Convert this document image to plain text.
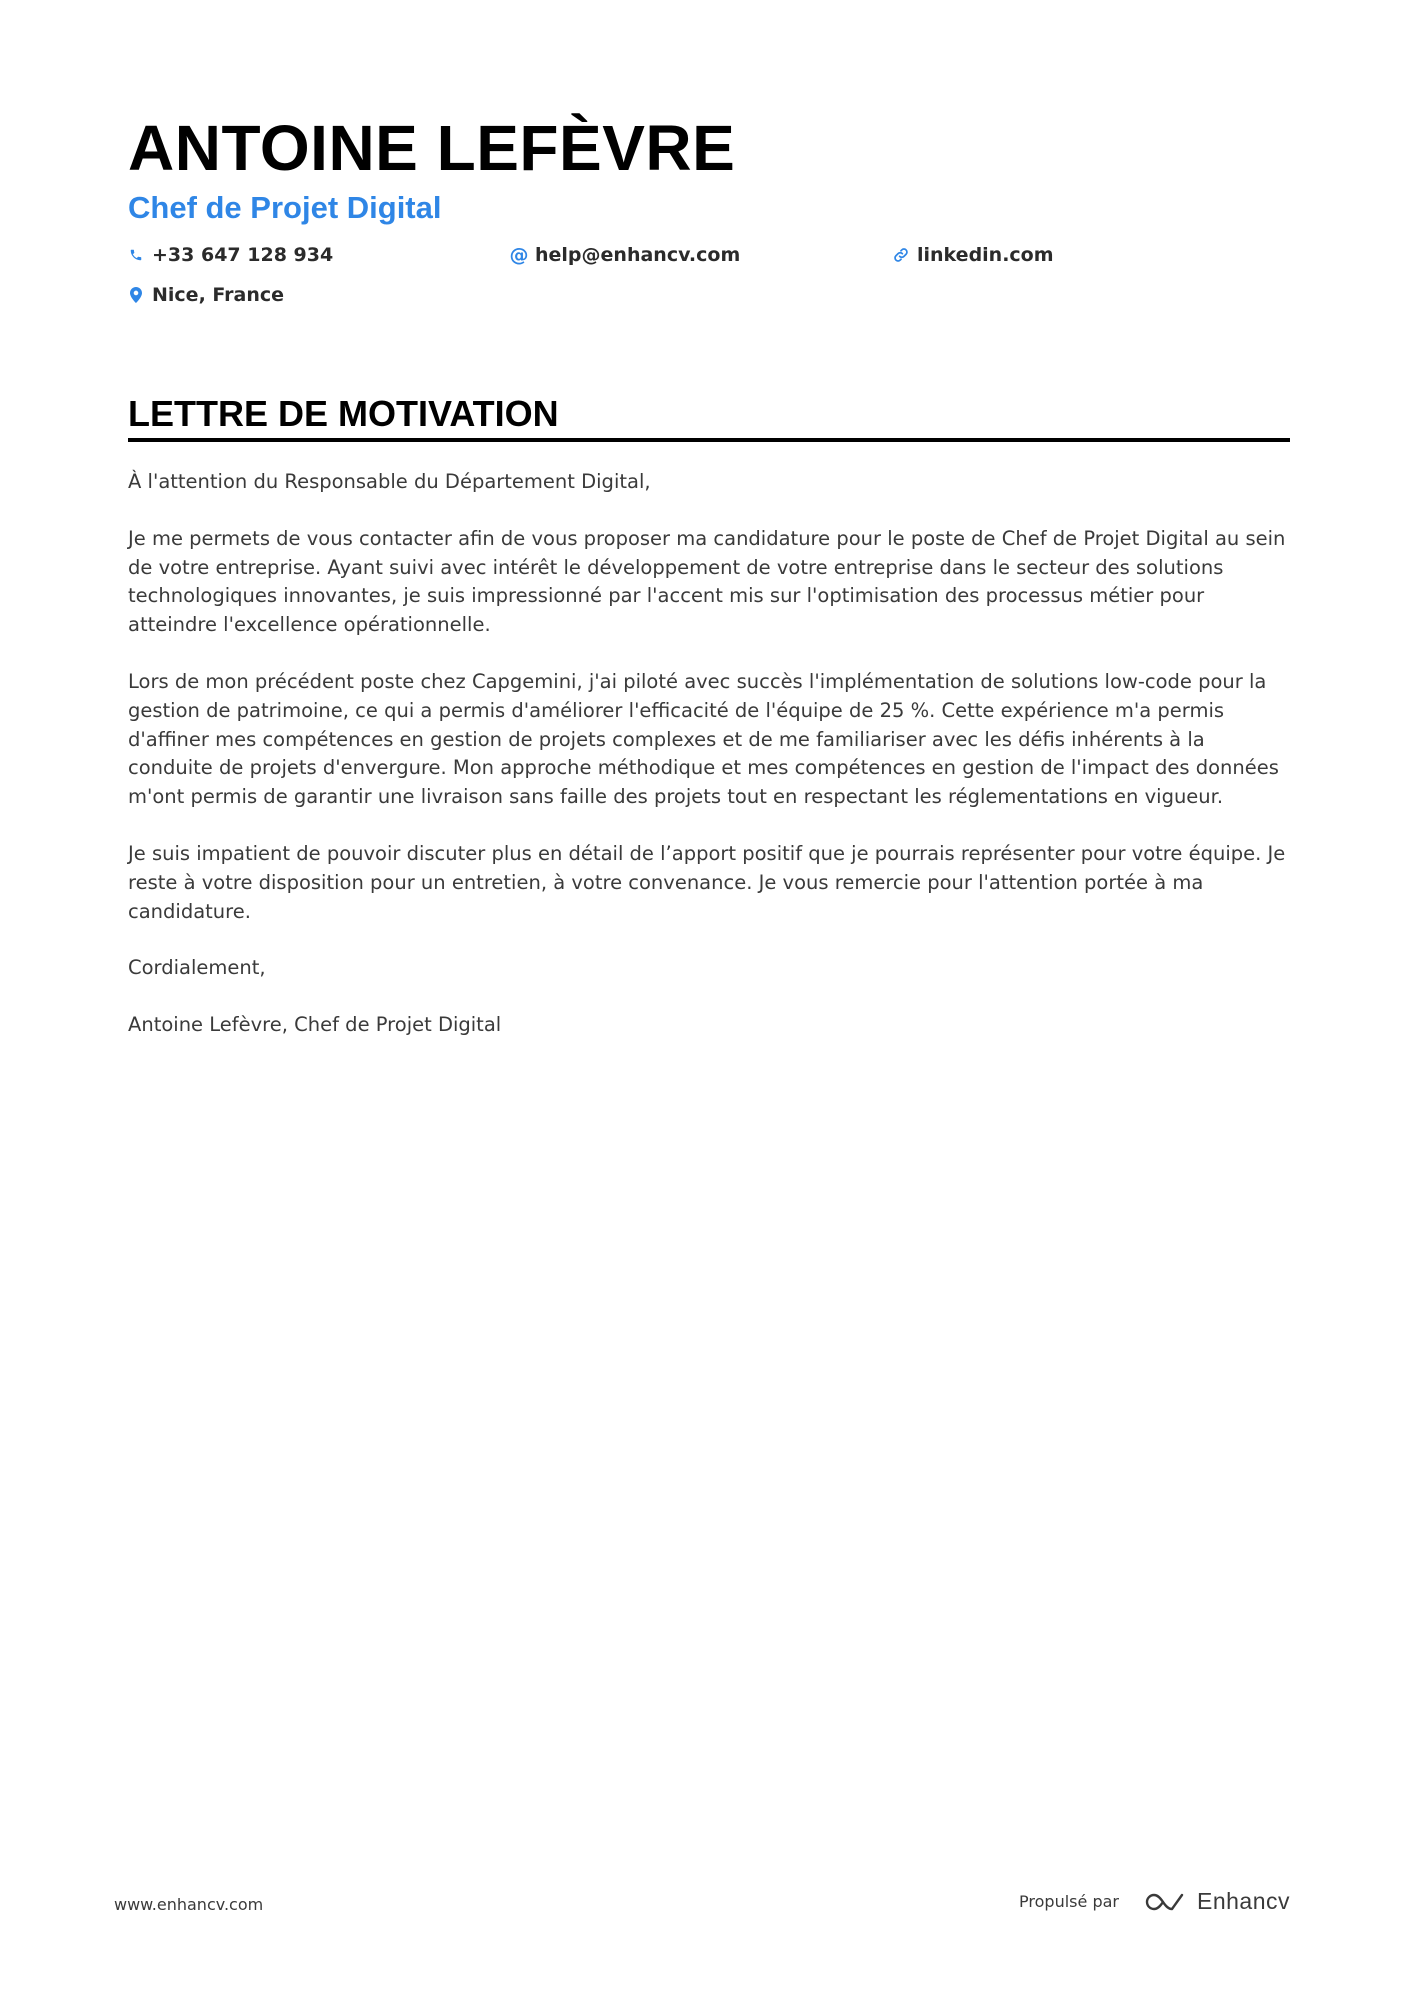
ANTOINE LEFÈVRE
Chef de Projet Digital
+33 647 128 934	@ help@enhancv.com	linkedin.com
Nice, France
LETTRE DE MOTIVATION

À l'attention du Responsable du Département Digital,

Je me permets de vous contacter afin de vous proposer ma candidature pour le poste de Chef de Projet Digital au sein de votre entreprise. Ayant suivi avec intérêt le développement de votre entreprise dans le secteur des solutions technologiques innovantes, je suis impressionné par l'accent mis sur l'optimisation des processus métier pour atteindre l'excellence opérationnelle.

Lors de mon précédent poste chez Capgemini, j'ai piloté avec succès l'implémentation de solutions low-code pour la gestion de patrimoine, ce qui a permis d'améliorer l'efficacité de l'équipe de 25 %. Cette expérience m'a permis d'affiner mes compétences en gestion de projets complexes et de me familiariser avec les défis inhérents à la conduite de projets d'envergure. Mon approche méthodique et mes compétences en gestion de l'impact des données m'ont permis de garantir une livraison sans faille des projets tout en respectant les réglementations en vigueur.

Je suis impatient de pouvoir discuter plus en détail de l’apport positif que je pourrais représenter pour votre équipe. Je reste à votre disposition pour un entretien, à votre convenance. Je vous remercie pour l'attention portée à ma candidature.

Cordialement,

Antoine Lefèvre, Chef de Projet Digital

www.enhancv.com	Propulsé par	Enhancv
